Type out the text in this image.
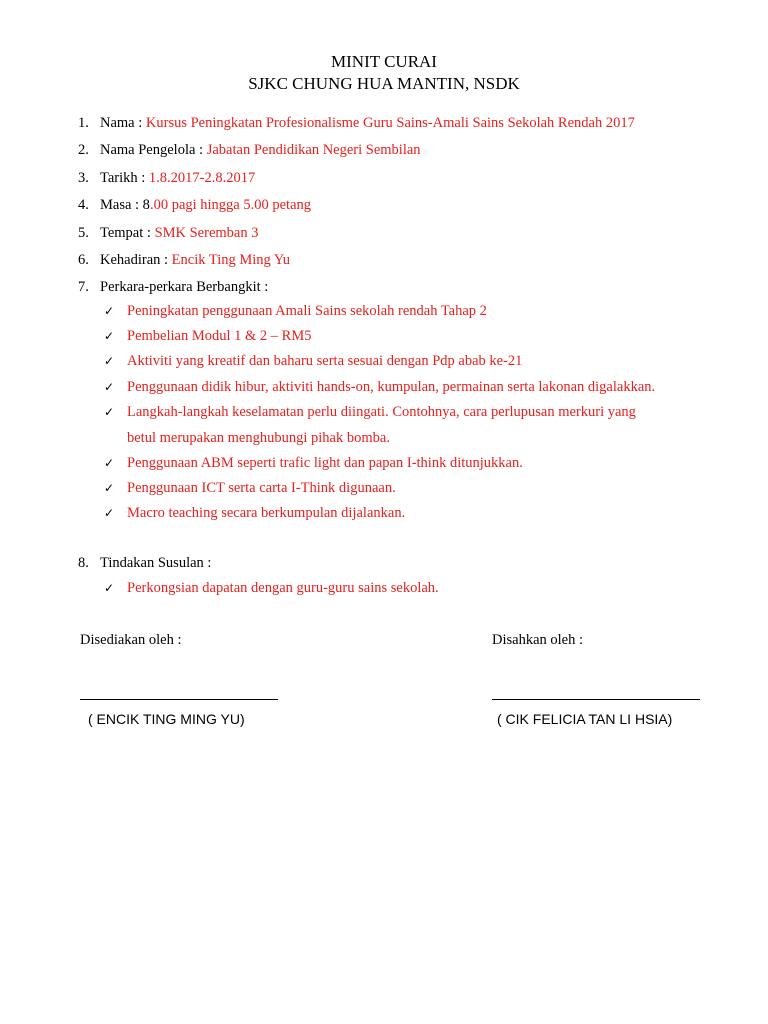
MINIT CURAI
SJKC CHUNG HUA MANTIN, NSDK
1. Nama : Kursus Peningkatan Profesionalisme Guru Sains-Amali Sains Sekolah Rendah 2017
2. Nama Pengelola : Jabatan Pendidikan Negeri Sembilan
3. Tarikh : 1.8.2017-2.8.2017
4. Masa : 8.00 pagi hingga 5.00 petang
5. Tempat : SMK Seremban 3
6. Kehadiran : Encik Ting Ming Yu
7. Perkara-perkara Berbangkit :
✓ Peningkatan penggunaan Amali Sains sekolah rendah Tahap 2
✓ Pembelian Modul 1 & 2 – RM5
✓ Aktiviti yang kreatif dan baharu serta sesuai dengan Pdp abab ke-21
✓ Penggunaan didik hibur, aktiviti hands-on, kumpulan, permainan serta lakonan digalakkan.
✓ Langkah-langkah keselamatan perlu diingati. Contohnya, cara perlupusan merkuri yang
betul merupakan menghubungi pihak bomba.
✓ Penggunaan ABM seperti trafic light dan papan I-think ditunjukkan.
✓ Penggunaan ICT serta carta I-Think digunaan.
✓ Macro teaching secara berkumpulan dijalankan.
8. Tindakan Susulan :
✓ Perkongsian dapatan dengan guru-guru sains sekolah.
Disediakan oleh :	Disahkan oleh :
( ENCIK TING MING YU)	( CIK FELICIA TAN LI HSIA)
